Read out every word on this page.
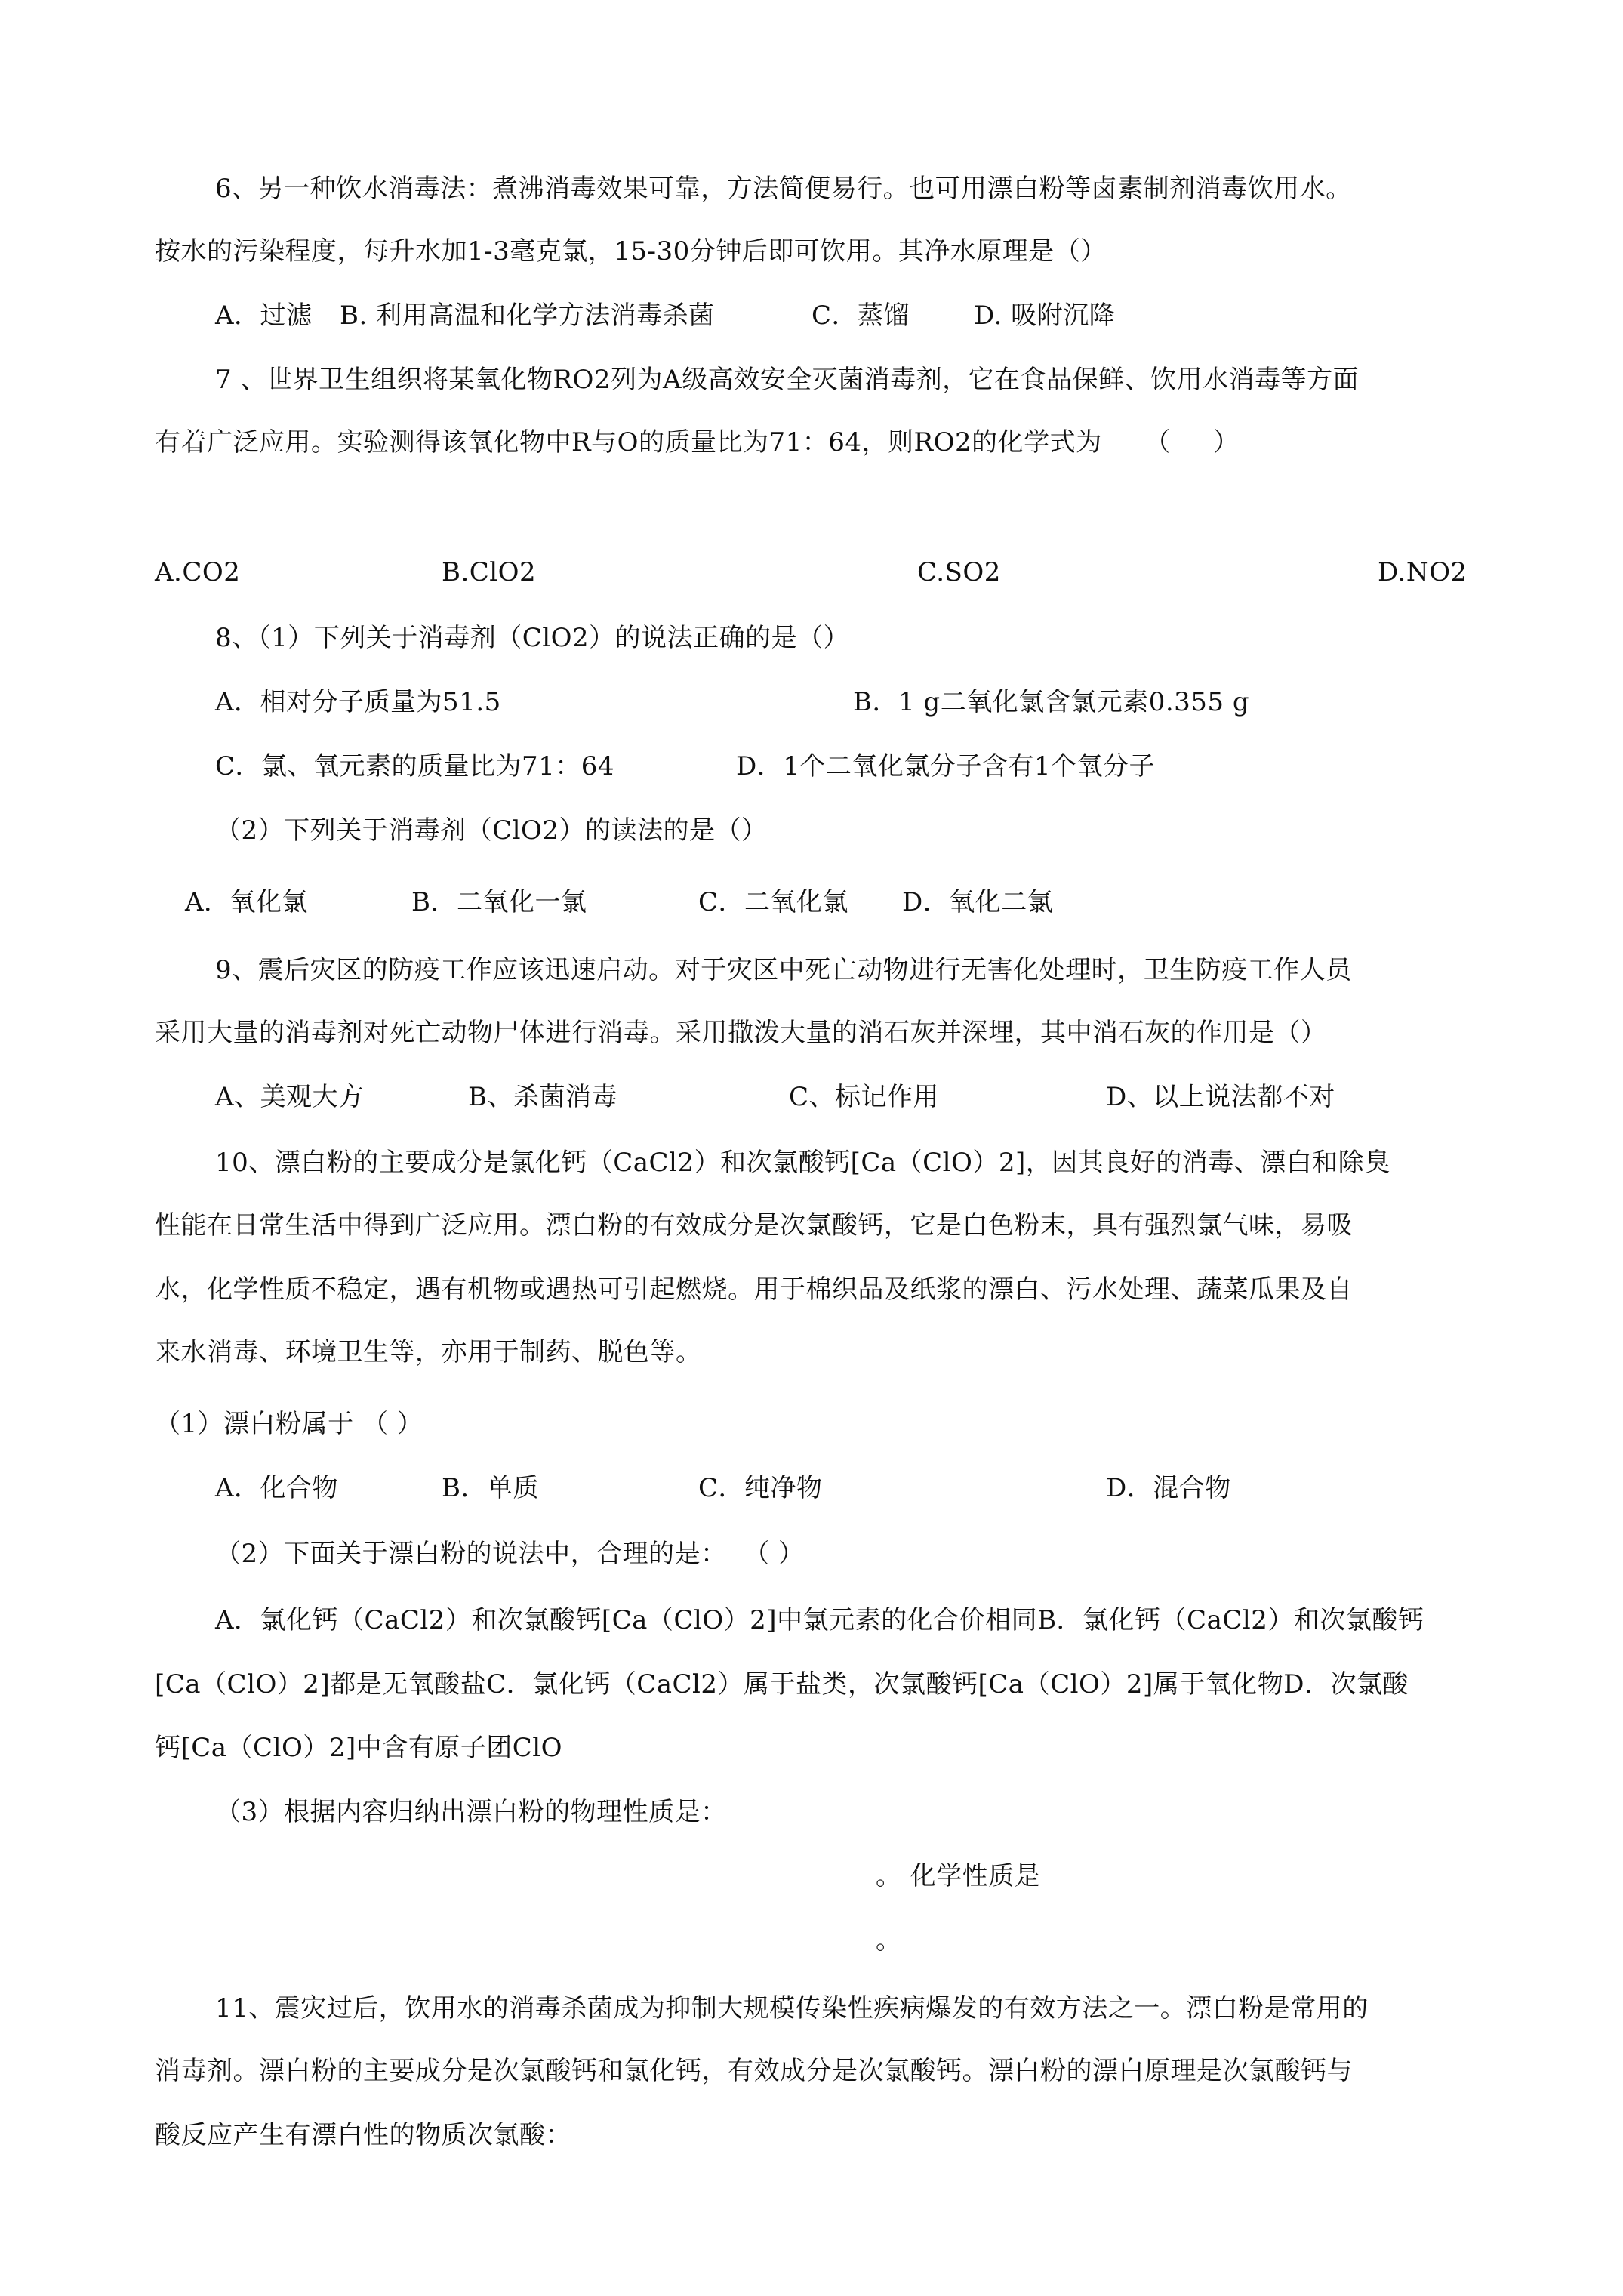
6、另一种饮水消毒法：煮沸消毒效果可靠，方法简便易行。也可用漂白粉等卤素制剂消毒饮用水。
按水的污染程度，每升水加1-3毫克氯，15-30分钟后即可饮用。其净水原理是（）
A．过滤 B. 利用高温和化学方法消毒杀菌	C．蒸馏 D. 吸附沉降
7 、世界卫生组织将某氧化物RO2列为A级高效安全灭菌消毒剂，它在食品保鲜、饮用水消毒等方面
有着广泛应用。实验测得该氧化物中R与O的质量比为71：64，则RO2的化学式为     （     ）
A.CO2	B.ClO2	C.SO2	D.NO2
8、（1）下列关于消毒剂（ClO2）的说法正确的是（）
A．相对分子质量为51.5	B．1 g二氧化氯含氯元素0.355 g
C．氯、氧元素的质量比为71：64	D．1个二氧化氯分子含有1个氧分子
（2）下列关于消毒剂（ClO2）的读法的是（）
A．氧化氯	B．二氧化一氯	C．二氧化氯 D．氧化二氯
9、震后灾区的防疫工作应该迅速启动。对于灾区中死亡动物进行无害化处理时，卫生防疫工作人员
采用大量的消毒剂对死亡动物尸体进行消毒。采用撒泼大量的消石灰并深埋，其中消石灰的作用是（）
A、美观大方	B、杀菌消毒	C、标记作用	D、以上说法都不对
10、漂白粉的主要成分是氯化钙（CaCl2）和次氯酸钙[Ca（ClO）2]，因其良好的消毒、漂白和除臭
性能在日常生活中得到广泛应用。漂白粉的有效成分是次氯酸钙，它是白色粉末，具有强烈氯气味，易吸
水，化学性质不稳定，遇有机物或遇热可引起燃烧。用于棉织品及纸浆的漂白、污水处理、蔬菜瓜果及自
来水消毒、环境卫生等，亦用于制药、脱色等。
（1）漂白粉属于 （ ）
A．化合物	B．单质	C．纯净物	D．混合物
（2）下面关于漂白粉的说法中，合理的是：  （ ）
A．氯化钙（CaCl2）和次氯酸钙[Ca（ClO）2]中氯元素的化合价相同B．氯化钙（CaCl2）和次氯酸钙
[Ca（ClO）2]都是无氧酸盐C．氯化钙（CaCl2）属于盐类，次氯酸钙[Ca（ClO）2]属于氧化物D．次氯酸
钙[Ca（ClO）2]中含有原子团ClO
（3）根据内容归纳出漂白粉的物理性质是：
。 化学性质是
。
11、震灾过后，饮用水的消毒杀菌成为抑制大规模传染性疾病爆发的有效方法之一。漂白粉是常用的
消毒剂。漂白粉的主要成分是次氯酸钙和氯化钙，有效成分是次氯酸钙。漂白粉的漂白原理是次氯酸钙与
酸反应产生有漂白性的物质次氯酸：
